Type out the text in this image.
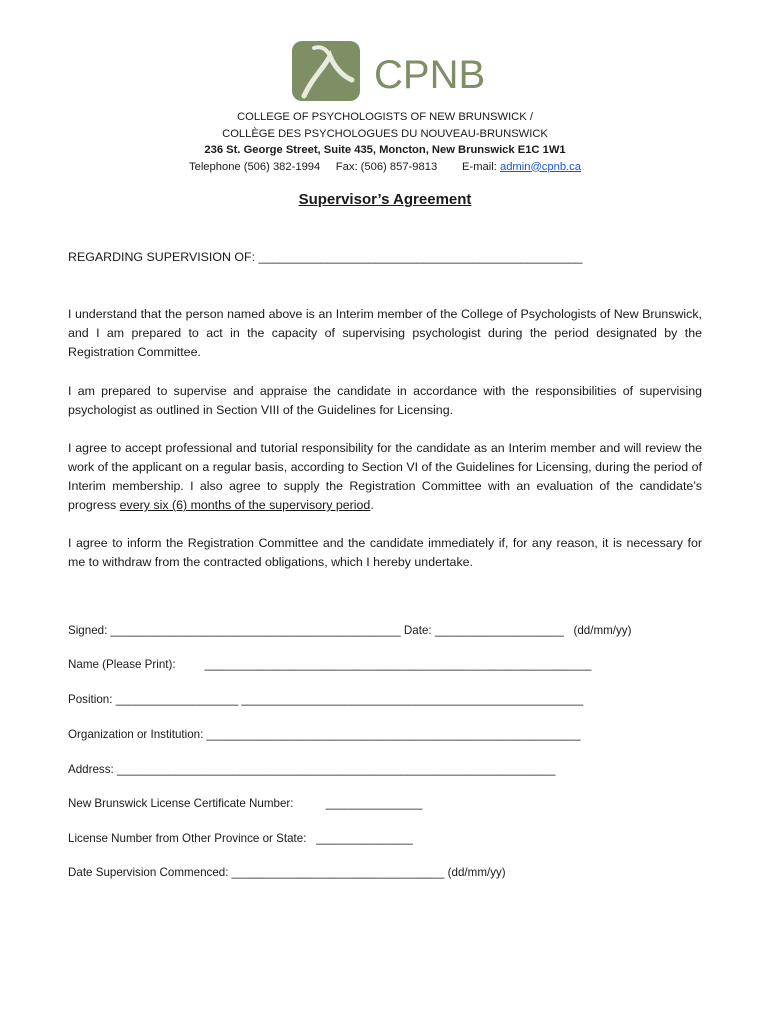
CPNB
COLLEGE OF PSYCHOLOGISTS OF NEW BRUNSWICK /
COLLÈGE DES PSYCHOLOGUES DU NOUVEAU-BRUNSWICK
236 St. George Street, Suite 435, Moncton, New Brunswick E1C 1W1
Telephone (506) 382-1994 Fax: (506) 857-9813 E-mail: admin@cpnb.ca
Supervisor’s Agreement
REGARDING SUPERVISION OF: _______________________________________________
I understand that the person named above is an Interim member of the College of Psychologists of New Brunswick, and I am prepared to act in the capacity of supervising psychologist during the period designated by the Registration Committee.
I am prepared to supervise and appraise the candidate in accordance with the responsibilities of supervising psychologist as outlined in Section VIII of the Guidelines for Licensing.
I agree to accept professional and tutorial responsibility for the candidate as an Interim member and will review the work of the applicant on a regular basis, according to Section VI of the Guidelines for Licensing, during the period of Interim membership. I also agree to supply the Registration Committee with an evaluation of the candidate’s progress every six (6) months of the supervisory period.
I agree to inform the Registration Committee and the candidate immediately if, for any reason, it is necessary for me to withdraw from the contracted obligations, which I hereby undertake.
Signed: _____________________________________________ Date: ____________________   (dd/mm/yy)
Name (Please Print):         ____________________________________________________________
Position: ___________________ _____________________________________________________
Organization or Institution: __________________________________________________________
Address: ____________________________________________________________________
New Brunswick License Certificate Number:          _______________
License Number from Other Province or State:   _______________
Date Supervision Commenced: _________________________________ (dd/mm/yy)
